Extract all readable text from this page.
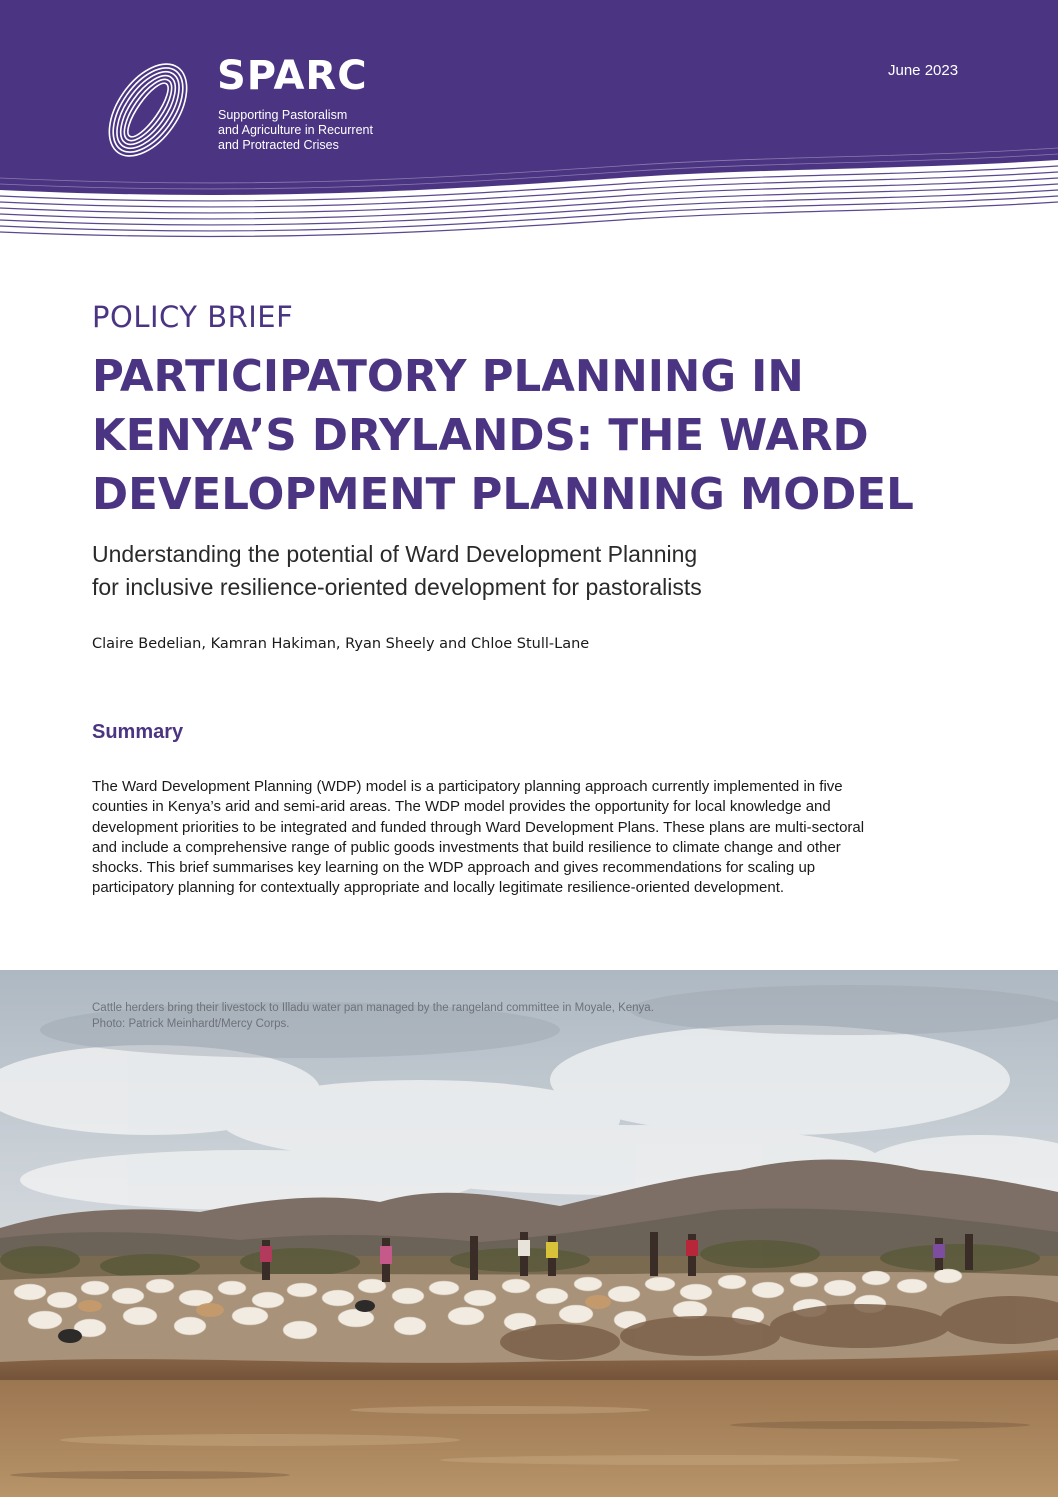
SPARC
Supporting Pastoralism
and Agriculture in Recurrent
and Protracted Crises
June 2023
POLICY BRIEF
PARTICIPATORY PLANNING IN
KENYA’S DRYLANDS: THE WARD
DEVELOPMENT PLANNING MODEL
Understanding the potential of Ward Development Planning
for inclusive resilience-oriented development for pastoralists
Claire Bedelian, Kamran Hakiman, Ryan Sheely and Chloe Stull-Lane
Summary
The Ward Development Planning (WDP) model is a participatory planning approach currently implemented in five
counties in Kenya’s arid and semi-arid areas. The WDP model provides the opportunity for local knowledge and
development priorities to be integrated and funded through Ward Development Plans. These plans are multi-sectoral
and include a comprehensive range of public goods investments that build resilience to climate change and other
shocks. This brief summarises key learning on the WDP approach and gives recommendations for scaling up
participatory planning for contextually appropriate and locally legitimate resilience-oriented development.
Cattle herders bring their livestock to Illadu water pan managed by the rangeland committee in Moyale, Kenya.
Photo: Patrick Meinhardt/Mercy Corps.
